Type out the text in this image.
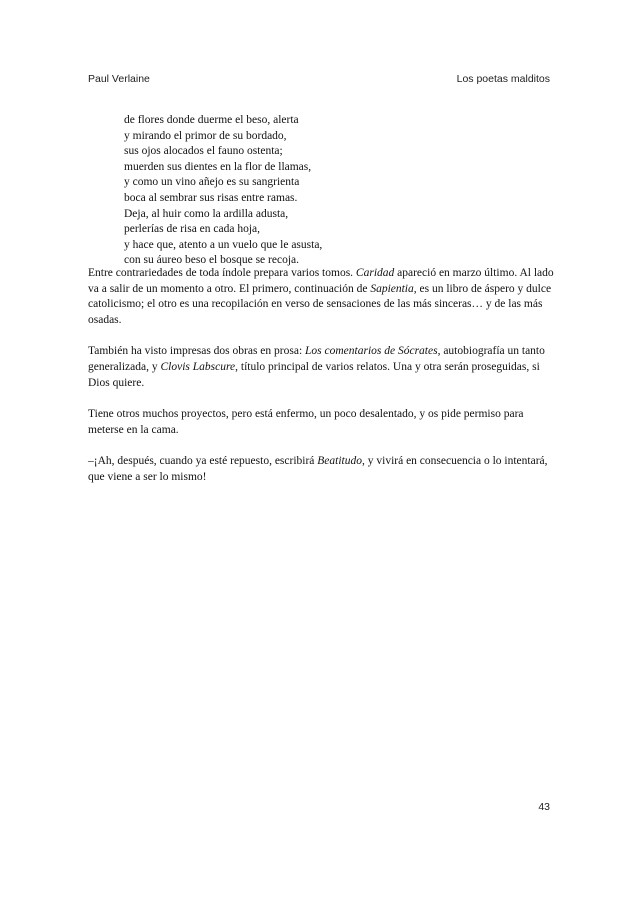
Paul Verlaine	Los poetas malditos
de flores donde duerme el beso, alerta
y mirando el primor de su bordado,
sus ojos alocados el fauno ostenta;
muerden sus dientes en la flor de llamas,
y como un vino añejo es su sangrienta
boca al sembrar sus risas entre ramas.
Deja, al huir como la ardilla adusta,
perlerías de risa en cada hoja,
y hace que, atento a un vuelo que le asusta,
con su áureo beso el bosque se recoja.

Entre contrariedades de toda índole prepara varios tomos. Caridad apareció en marzo último. Al lado va a salir de un momento a otro. El primero, continuación de Sapientia, es un libro de áspero y dulce catolicismo; el otro es una recopilación en verso de sensaciones de las más sinceras… y de las más osadas.

También ha visto impresas dos obras en prosa: Los comentarios de Sócrates, autobiografía un tanto generalizada, y Clovis Labscure, título principal de varios relatos. Una y otra serán proseguidas, si Dios quiere.

Tiene otros muchos proyectos, pero está enfermo, un poco desalentado, y os pide permiso para meterse en la cama.

–¡Ah, después, cuando ya esté repuesto, escribirá Beatitudo, y vivirá en consecuencia o lo intentará, que viene a ser lo mismo!

43
